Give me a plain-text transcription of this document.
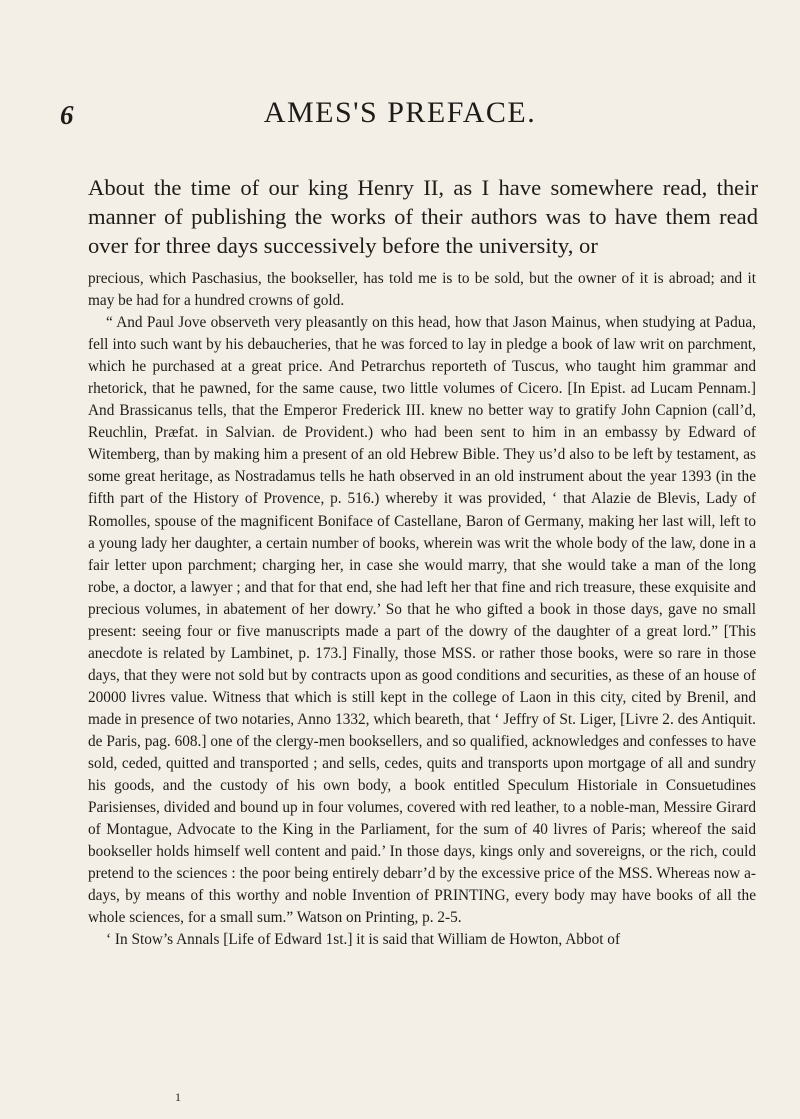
6	AMES'S PREFACE.

About the time of our king Henry II, as I have somewhere read, their manner of publishing the works of their authors was to have them read over for three days successively before the university, or

precious, which Paschasius, the bookseller, has told me is to be sold, but the owner of it is abroad; and it may be had for a hundred crowns of gold.

“ And Paul Jove observeth very pleasantly on this head, how that Jason Mainus, when studying at Padua, fell into such want by his debaucheries, that he was forced to lay in pledge a book of law writ on parchment, which he purchased at a great price. And Petrarchus reporteth of Tuscus, who taught him grammar and rhetorick, that he pawned, for the same cause, two little volumes of Cicero. [In Epist. ad Lucam Pennam.] And Brassicanus tells, that the Emperor Frederick III. knew no better way to gratify John Capnion (call’d, Reuchlin, Præfat. in Salvian. de Provident.) who had been sent to him in an embassy by Edward of Witemberg, than by making him a present of an old Hebrew Bible. They us’d also to be left by testament, as some great heritage, as Nostradamus tells he hath observed in an old instrument about the year 1393 (in the fifth part of the History of Provence, p. 516.) whereby it was provided, ‘ that Alazie de Blevis, Lady of Romolles, spouse of the magnificent Boniface of Castellane, Baron of Germany, making her last will, left to a young lady her daughter, a certain number of books, wherein was writ the whole body of the law, done in a fair letter upon parchment; charging her, in case she would marry, that she would take a man of the long robe, a doctor, a lawyer ; and that for that end, she had left her that fine and rich treasure, these exquisite and precious volumes, in abatement of her dowry.’ So that he who gifted a book in those days, gave no small present: seeing four or five manuscripts made a part of the dowry of the daughter of a great lord.” [This anecdote is related by Lambinet, p. 173.] Finally, those MSS. or rather those books, were so rare in those days, that they were not sold but by contracts upon as good conditions and securities, as these of an house of 20000 livres value. Witness that which is still kept in the college of Laon in this city, cited by Brenil, and made in presence of two notaries, Anno 1332, which beareth, that ‘ Jeffry of St. Liger, [Livre 2. des Antiquit. de Paris, pag. 608.] one of the clergy-men booksellers, and so qualified, acknowledges and confesses to have sold, ceded, quitted and transported ; and sells, cedes, quits and transports upon mortgage of all and sundry his goods, and the custody of his own body, a book entitled Speculum Historiale in Consuetudines Parisienses, divided and bound up in four volumes, covered with red leather, to a noble-man, Messire Girard of Montague, Advocate to the King in the Parliament, for the sum of 40 livres of Paris; whereof the said bookseller holds himself well content and paid.’ In those days, kings only and sovereigns, or the rich, could pretend to the sciences : the poor being entirely debarr’d by the excessive price of the MSS. Whereas now a-days, by means of this worthy and noble Invention of PRINTING, every body may have books of all the whole sciences, for a small sum.” Watson on Printing, p. 2-5.

‘ In Stow’s Annals [Life of Edward 1st.] it is said that William de Howton, Abbot of

1
